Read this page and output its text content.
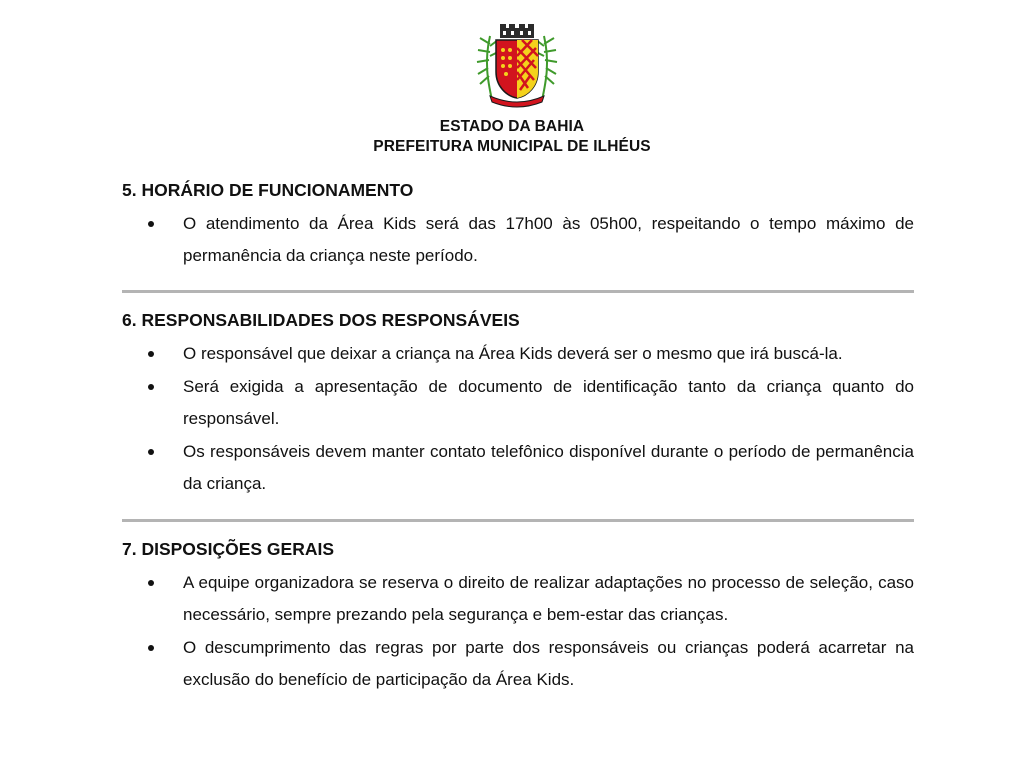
ESTADO DA BAHIA
PREFEITURA MUNICIPAL DE ILHÉUS
5. HORÁRIO DE FUNCIONAMENTO
O atendimento da Área Kids será das 17h00 às 05h00, respeitando o tempo máximo de permanência da criança neste período.
6. RESPONSABILIDADES DOS RESPONSÁVEIS
O responsável que deixar a criança na Área Kids deverá ser o mesmo que irá buscá-la.
Será exigida a apresentação de documento de identificação tanto da criança quanto do responsável.
Os responsáveis devem manter contato telefônico disponível durante o período de permanência da criança.
7. DISPOSIÇÕES GERAIS
A equipe organizadora se reserva o direito de realizar adaptações no processo de seleção, caso necessário, sempre prezando pela segurança e bem-estar das crianças.
O descumprimento das regras por parte dos responsáveis ou crianças poderá acarretar na exclusão do benefício de participação da Área Kids.
